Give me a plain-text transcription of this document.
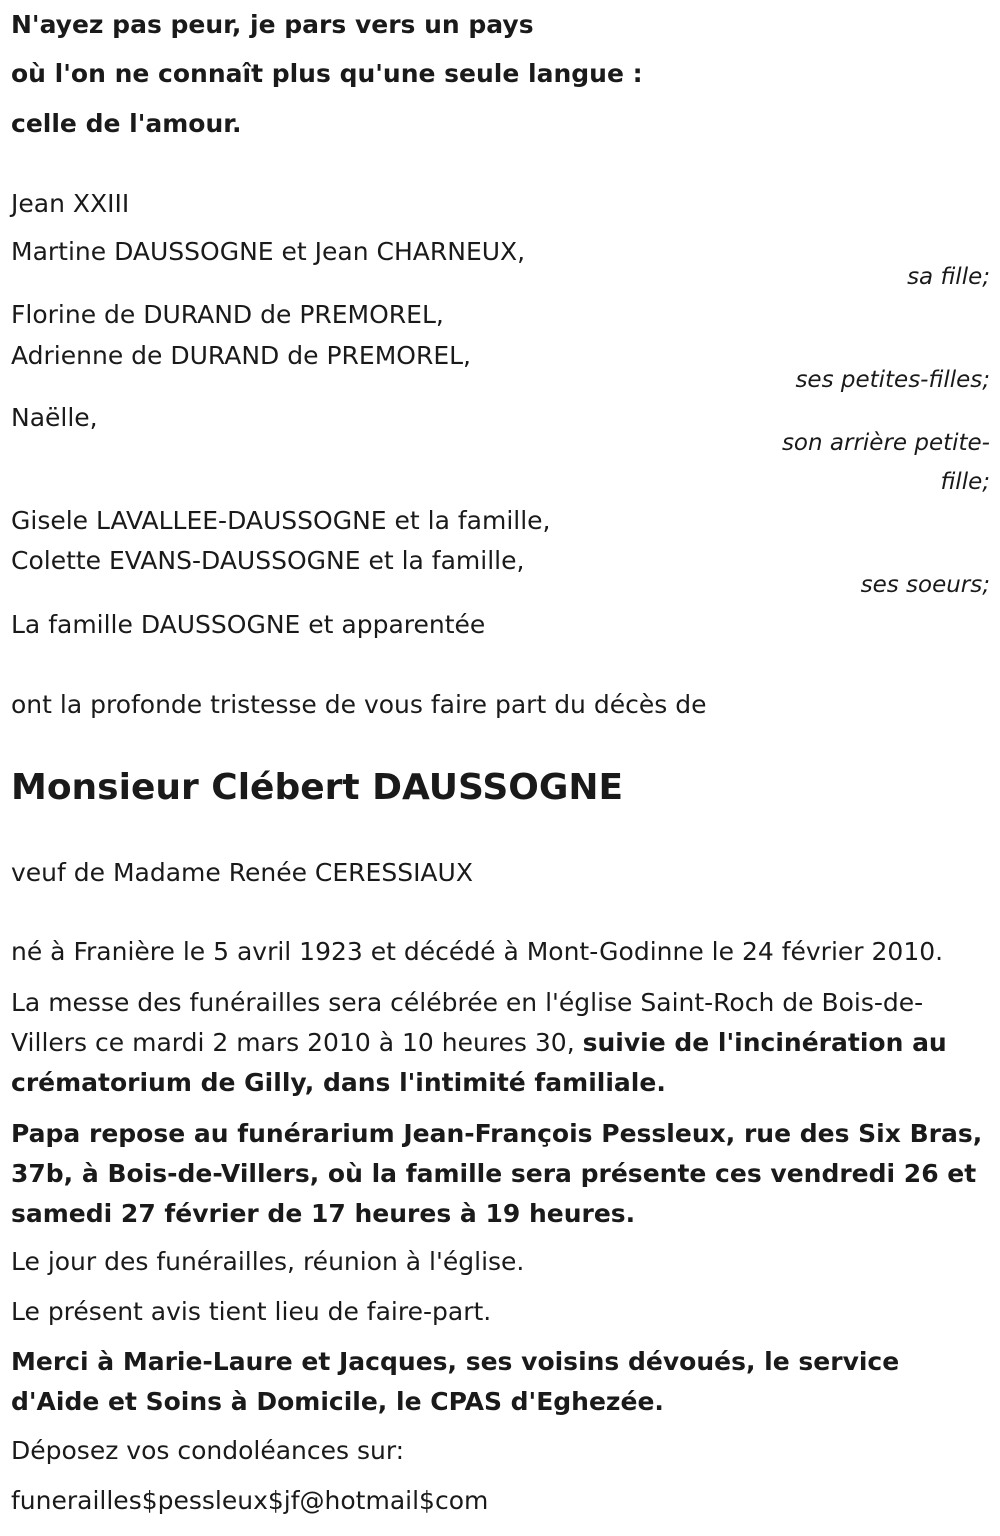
N'ayez pas peur, je pars vers un pays

où l'on ne connaît plus qu'une seule langue :

celle de l'amour.

Jean XXIII

Martine DAUSSOGNE et Jean CHARNEUX,

sa fille;

Florine de DURAND de PREMOREL,

Adrienne de DURAND de PREMOREL,

ses petites-filles;

Naëlle,

son arrière petite-

fille;

Gisele LAVALLEE-DAUSSOGNE et la famille,

Colette EVANS-DAUSSOGNE et la famille,

ses soeurs;

La famille DAUSSOGNE et apparentée

ont la profonde tristesse de vous faire part du décès de

Monsieur Clébert DAUSSOGNE

veuf de Madame Renée CERESSIAUX

né à Franière le 5 avril 1923 et décédé à Mont-Godinne le 24 février 2010.

La messe des funérailles sera célébrée en l'église Saint-Roch de Bois-de-Villers ce mardi 2 mars 2010 à 10 heures 30, suivie de l'incinération au crématorium de Gilly, dans l'intimité familiale.

Papa repose au funérarium Jean-François Pessleux, rue des Six Bras, 37b, à Bois-de-Villers, où la famille sera présente ces vendredi 26 et samedi 27 février de 17 heures à 19 heures.

Le jour des funérailles, réunion à l'église.

Le présent avis tient lieu de faire-part.

Merci à Marie-Laure et Jacques, ses voisins dévoués, le service d'Aide et Soins à Domicile, le CPAS d'Eghezée.

Déposez vos condoléances sur:

funerailles$pessleux$jf@hotmail$com
